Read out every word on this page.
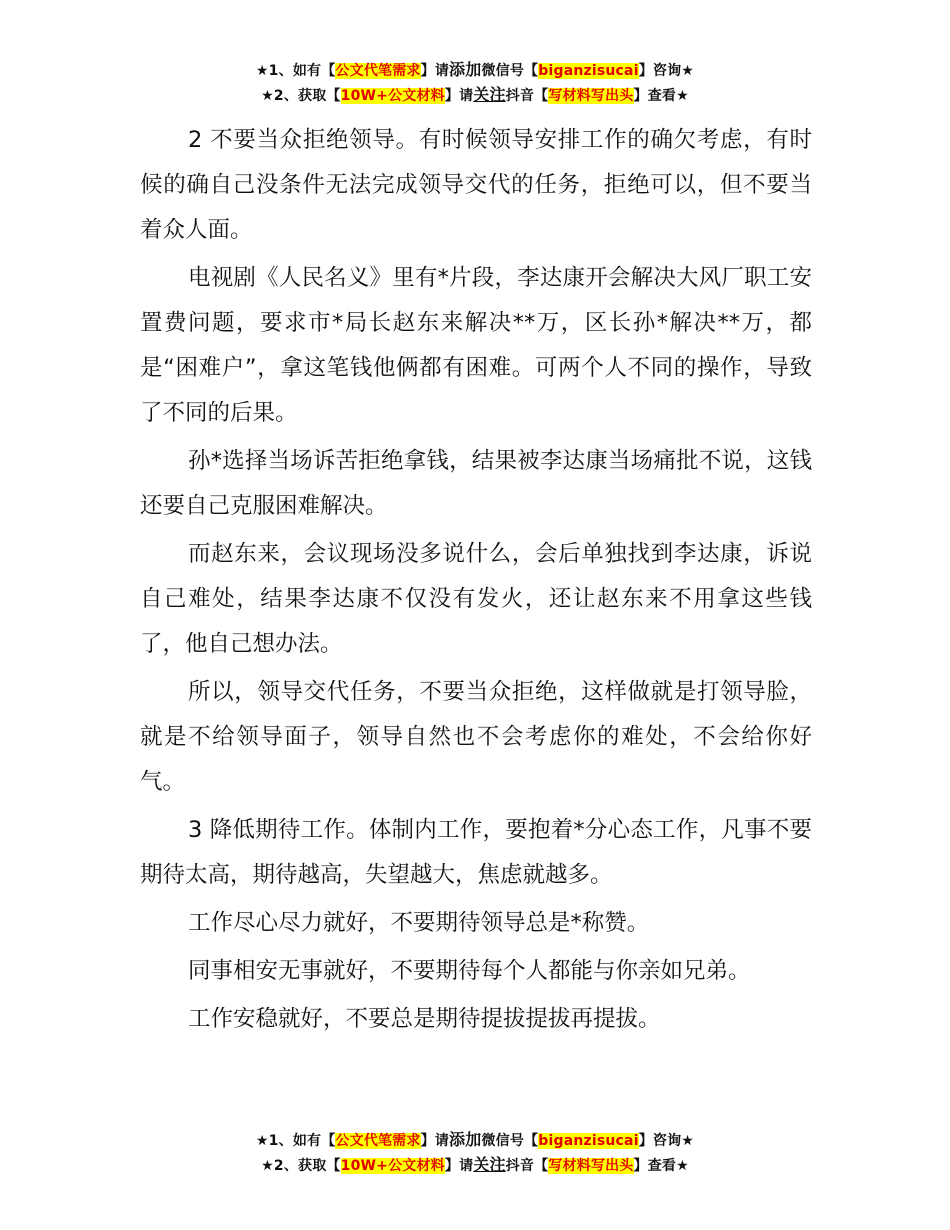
★1、如有【公文代笔需求】请添加微信号【biganzisucai】咨询★
★2、获取【10W+公文材料】请关注抖音【写材料写出头】查看★

2 不要当众拒绝领导。有时候领导安排工作的确欠考虑，有时候的确自己没条件无法完成领导交代的任务，拒绝可以，但不要当着众人面。

电视剧《人民名义》里有*片段，李达康开会解决大风厂职工安置费问题，要求市*局长赵东来解决**万，区长孙*解决**万，都是“困难户”，拿这笔钱他俩都有困难。可两个人不同的操作，导致了不同的后果。

孙*选择当场诉苦拒绝拿钱，结果被李达康当场痛批不说，这钱还要自己克服困难解决。

而赵东来，会议现场没多说什么，会后单独找到李达康，诉说自己难处，结果李达康不仅没有发火，还让赵东来不用拿这些钱了，他自己想办法。

所以，领导交代任务，不要当众拒绝，这样做就是打领导脸，就是不给领导面子，领导自然也不会考虑你的难处，不会给你好气。

3 降低期待工作。体制内工作，要抱着*分心态工作，凡事不要期待太高，期待越高，失望越大，焦虑就越多。

工作尽心尽力就好，不要期待领导总是*称赞。

同事相安无事就好，不要期待每个人都能与你亲如兄弟。

工作安稳就好，不要总是期待提拔提拔再提拔。

★1、如有【公文代笔需求】请添加微信号【biganzisucai】咨询★
★2、获取【10W+公文材料】请关注抖音【写材料写出头】查看★
